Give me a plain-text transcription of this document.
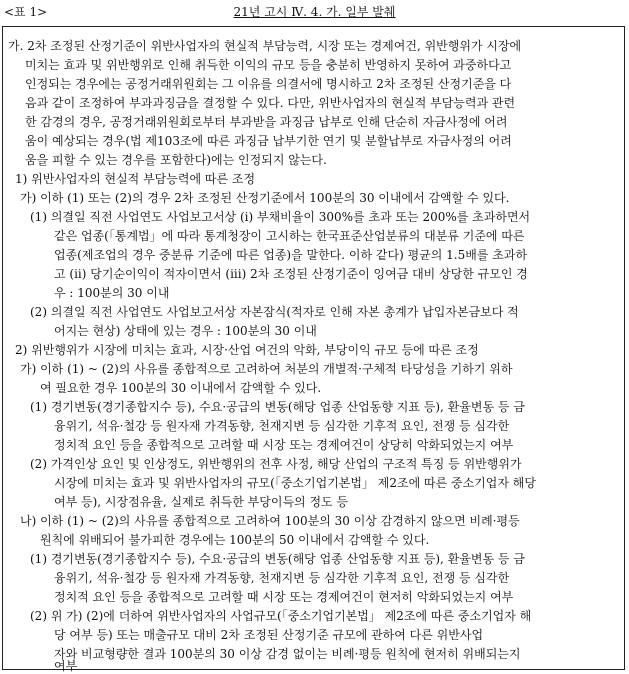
<표 1>	21년 고시 Ⅳ. 4. 가. 일부 발췌
가. 2차 조정된 산정기준이 위반사업자의 현실적 부담능력, 시장 또는 경제여건, 위반행위가 시장에
미치는 효과 및 위반행위로 인해 취득한 이익의 규모 등을 충분히 반영하지 못하여 과중하다고
인정되는 경우에는 공정거래위원회는 그 이유를 의결서에 명시하고 2차 조정된 산정기준을 다
음과 같이 조정하여 부과과징금을 결정할 수 있다. 다만, 위반사업자의 현실적 부담능력과 관련
한 감경의 경우, 공정거래위원회로부터 부과받을 과징금 납부로 인해 단순히 자금사정에 어려
움이 예상되는 경우(법 제103조에 따른 과징금 납부기한 연기 및 분할납부로 자금사정의 어려
움을 피할 수 있는 경우를 포함한다)에는 인정되지 않는다.
1) 위반사업자의 현실적 부담능력에 따른 조정
가) 이하 (1) 또는 (2)의 경우 2차 조정된 산정기준에서 100분의 30 이내에서 감액할 수 있다.
(1) 의결일 직전 사업연도 사업보고서상 (i) 부채비율이 300%를 초과 또는 200%를 초과하면서
같은 업종(「통계법」에 따라 통계청장이 고시하는 한국표준산업분류의 대분류 기준에 따른
업종(제조업의 경우 중분류 기준에 따른 업종)을 말한다. 이하 같다) 평균의 1.5배를 초과하
고 (ii) 당기순이익이 적자이면서 (iii) 2차 조정된 산정기준이 잉여금 대비 상당한 규모인 경
우 : 100분의 30 이내
(2) 의결일 직전 사업연도 사업보고서상 자본잠식(적자로 인해 자본 총계가 납입자본금보다 적
어지는 현상) 상태에 있는 경우 : 100분의 30 이내
2) 위반행위가 시장에 미치는 효과, 시장·산업 여건의 악화, 부당이익 규모 등에 따른 조정
가) 이하 (1) ~ (2)의 사유를 종합적으로 고려하여 처분의 개별적·구체적 타당성을 기하기 위하
여 필요한 경우 100분의 30 이내에서 감액할 수 있다.
(1) 경기변동(경기종합지수 등), 수요·공급의 변동(해당 업종 산업동향 지표 등), 환율변동 등 금
융위기, 석유·철강 등 원자재 가격동향, 천재지변 등 심각한 기후적 요인, 전쟁 등 심각한
정치적 요인 등을 종합적으로 고려할 때 시장 또는 경제여건이 상당히 악화되었는지 여부
(2) 가격인상 요인 및 인상정도, 위반행위의 전후 사정, 해당 산업의 구조적 특징 등 위반행위가
시장에 미치는 효과 및 위반사업자의 규모(「중소기업기본법」 제2조에 따른 중소기업자 해당
여부 등), 시장점유율, 실제로 취득한 부당이득의 정도 등
나) 이하 (1) ~ (2)의 사유를 종합적으로 고려하여 100분의 30 이상 감경하지 않으면 비례·평등
원칙에 위배되어 불가피한 경우에는 100분의 50 이내에서 감액할 수 있다.
(1) 경기변동(경기종합지수 등), 수요·공급의 변동(해당 업종 산업동향 지표 등), 환율변동 등 금
융위기, 석유·철강 등 원자재 가격동향, 천재지변 등 심각한 기후적 요인, 전쟁 등 심각한
정치적 요인 등을 종합적으로 고려할 때 시장 또는 경제여건이 현저히 악화되었는지 여부
(2) 위 가) (2)에 더하여 위반사업자의 사업규모(「중소기업기본법」 제2조에 따른 중소기업자 해
당 여부 등) 또는 매출규모 대비 2차 조정된 산정기준 규모에 관하여 다른 위반사업
자와 비교형량한 결과 100분의 30 이상 감경 없이는 비례·평등 원칙에 현저히 위배되는지
여부
